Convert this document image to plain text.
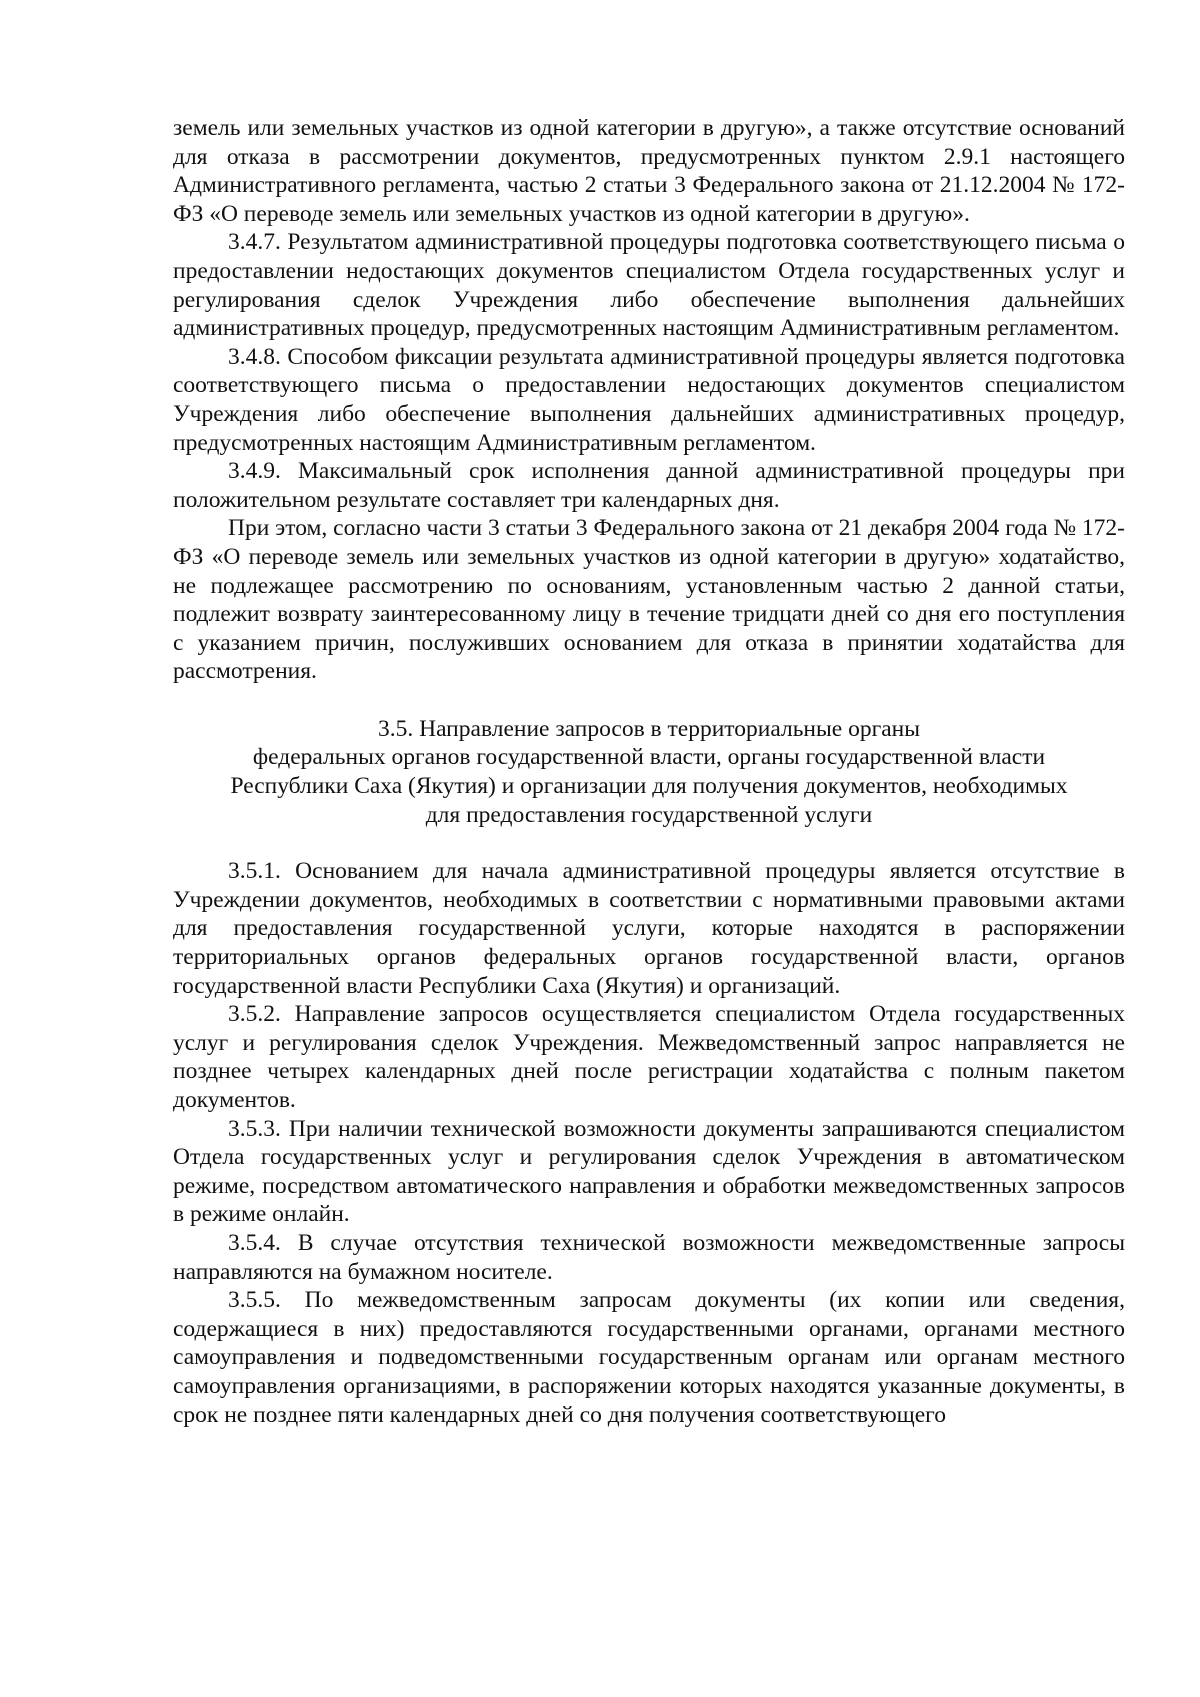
земель или земельных участков из одной категории в другую», а также отсутствие оснований для отказа в рассмотрении документов, предусмотренных пунктом 2.9.1 настоящего Административного регламента, частью 2 статьи 3 Федерального закона от 21.12.2004 № 172-ФЗ «О переводе земель или земельных участков из одной категории в другую».

3.4.7. Результатом административной процедуры подготовка соответствующего письма о предоставлении недостающих документов специалистом Отдела государственных услуг и регулирования сделок Учреждения либо обеспечение выполнения дальнейших административных процедур, предусмотренных настоящим Административным регламентом.

3.4.8. Способом фиксации результата административной процедуры является подготовка соответствующего письма о предоставлении недостающих документов специалистом Учреждения либо обеспечение выполнения дальнейших административных процедур, предусмотренных настоящим Административным регламентом.

3.4.9. Максимальный срок исполнения данной административной процедуры при положительном результате составляет три календарных дня.

При этом, согласно части 3 статьи 3 Федерального закона от 21 декабря 2004 года № 172-ФЗ «О переводе земель или земельных участков из одной категории в другую» ходатайство, не подлежащее рассмотрению по основаниям, установленным частью 2 данной статьи, подлежит возврату заинтересованному лицу в течение тридцати дней со дня его поступления с указанием причин, послуживших основанием для отказа в принятии ходатайства для рассмотрения.

3.5. Направление запросов в территориальные органы
федеральных органов государственной власти, органы государственной власти
Республики Саха (Якутия) и организации для получения документов, необходимых
для предоставления государственной услуги

3.5.1. Основанием для начала административной процедуры является отсутствие в Учреждении документов, необходимых в соответствии с нормативными правовыми актами для предоставления государственной услуги, которые находятся в распоряжении территориальных органов федеральных органов государственной власти, органов государственной власти Республики Саха (Якутия) и организаций.

3.5.2. Направление запросов осуществляется специалистом Отдела государственных услуг и регулирования сделок Учреждения. Межведомственный запрос направляется не позднее четырех календарных дней после регистрации ходатайства с полным пакетом документов.

3.5.3. При наличии технической возможности документы запрашиваются специалистом Отдела государственных услуг и регулирования сделок Учреждения в автоматическом режиме, посредством автоматического направления и обработки межведомственных запросов в режиме онлайн.

3.5.4. В случае отсутствия технической возможности межведомственные запросы направляются на бумажном носителе.

3.5.5. По межведомственным запросам документы (их копии или сведения, содержащиеся в них) предоставляются государственными органами, органами местного самоуправления и подведомственными государственным органам или органам местного самоуправления организациями, в распоряжении которых находятся указанные документы, в срок не позднее пяти календарных дней со дня получения соответствующего
